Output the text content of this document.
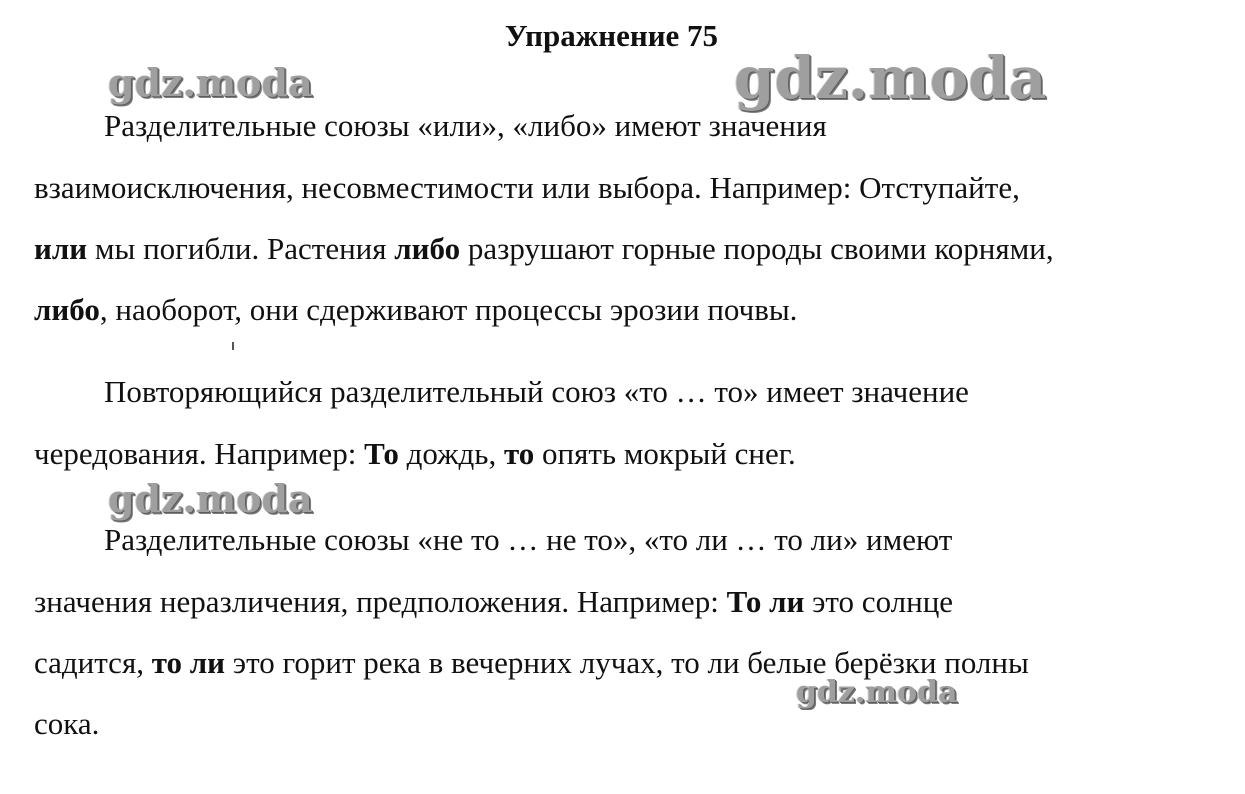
Упражнение 75
gdz.moda	gdz.moda
gdz.moda
gdz.moda
Разделительные союзы «или», «либо» имеют значения
взаимоисключения, несовместимости или выбора. Например: Отступайте,
или мы погибли. Растения либо разрушают горные породы своими корнями,
либо, наоборот, они сдерживают процессы эрозии почвы.
Повторяющийся разделительный союз «то … то» имеет значение
чередования. Например: То дождь, то опять мокрый снег.
Разделительные союзы «не то … не то», «то ли … то ли» имеют
значения неразличения, предположения. Например: То ли это солнце
садится, то ли это горит река в вечерних лучах, то ли белые берёзки полны
сока.
